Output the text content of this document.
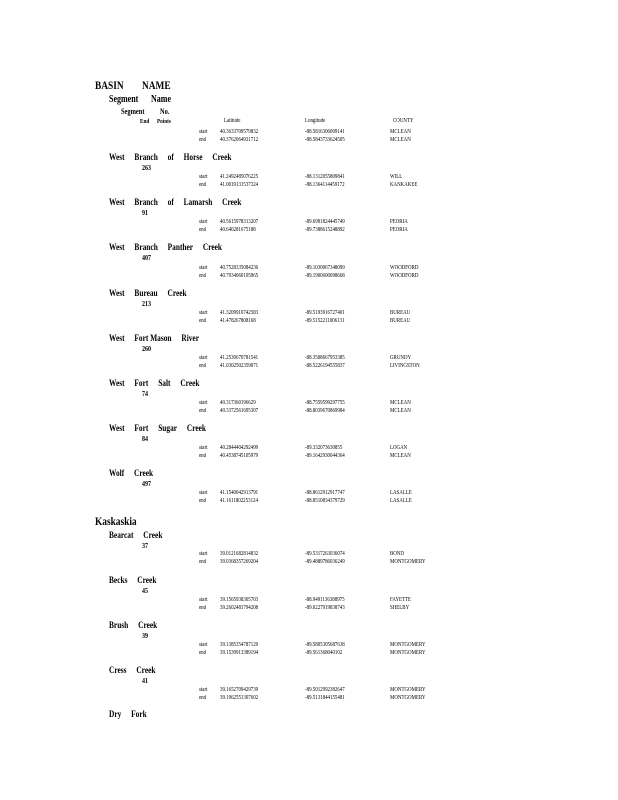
BASIN NAME
Segment Name
Segment No.
End Points	Latitude	Longitude	COUNTY
start 40.3633709579832	-88.5816306009141	MCLEAN
end 40.3762064931712	-88.5843733624505	MCLEAN
West Branch of Horse Creek
263
start 41.2492485076225	-88.1312055809841	WILL
end 41.0019131537324	-88.1364114459172	KANKAKEE
West Branch of Lamarsh Creek
91
start 40.5615978313207	-89.6991824445749	PEORIA
end 40.640281675188	-89.7388615248892	PEORIA
West Branch Panther Creek
407
start 40.7528335084236	-89.1030067348099	WOODFORD
end 40.7934060105965	-89.1900600098668	WOODFORD
West Bureau Creek
213
start 41.3209910742583	-89.5193916727401	BUREAU
end 41.478267808168	-89.5152211006131	BUREAU
West Fort Mason River
260
start 41.2530670781541	-88.3508667953385	GRUNDY
end 41.0302502359071	-88.5226194555837	LIVINGSTON
West Fort Salt Creek
74
start 40.317360196629	-88.7559599297755	MCLEAN
end 40.3372561695307	-88.8039670869984	MCLEAN
West Fort Sugar Creek
84
start 40.2844404292499	-89.332073630855	LOGAN
end 40.4538745105979	-89.1642930044364	MCLEAN
Wolf Creek
497
start 41.1540042913791	-88.8612912917747	LASALLE
end 41.1611802253124	-88.8510834379729	LASALLE
Kaskaskia
Bearcat Creek
37
start 39.0121682814832	-89.5317263036074	BOND
end 39.0368357269204	-89.4889786036249	MONTGOMERY
Becks Creek
45
start 39.1565938305703	-88.9491136388975	FAYETTE
end 39.2602481794208	-89.0227919838743	SHELBY
Brush Creek
39
start 39.1385354787129	-89.5805305687638	MONTGOMERY
end 39.1539913389194	-89.561368040102	MONTGOMERY
Cress Creek
41
start 39.1652709429739	-89.5012992382647	MONTGOMERY
end 39.1962551307602	-89.5131844155481	MONTGOMERY
Dry Fork
